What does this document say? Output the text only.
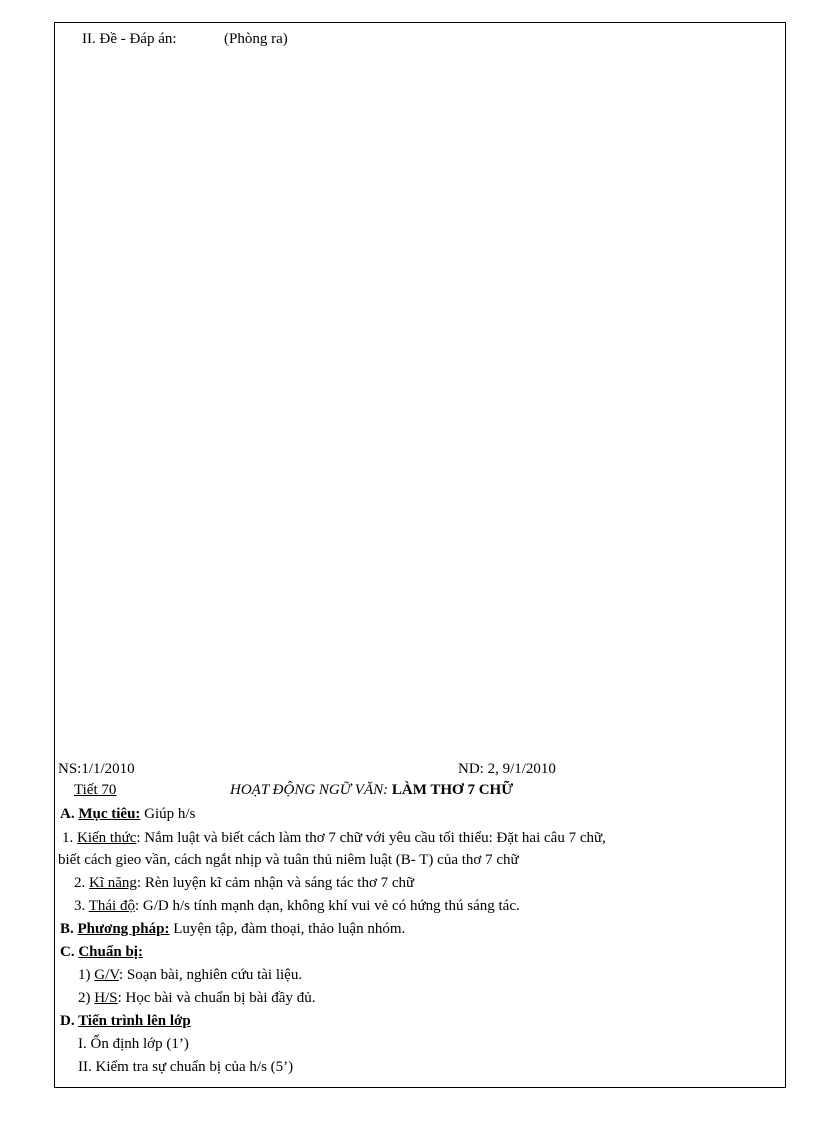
II. Đề - Đáp án:	(Phòng ra)
NS:1/1/2010	ND: 2, 9/1/2010
Tiết 70	HOẠT ĐỘNG NGỮ VĂN: LÀM THƠ 7 CHỮ
A. Mục tiêu: Giúp h/s
1. Kiến thức: Nắm luật và biết cách làm thơ 7 chữ với yêu cầu tối thiểu: Đặt hai câu 7 chữ,
biết cách gieo vần, cách ngắt nhịp và tuân thủ niêm luật (B- T) của thơ 7 chữ
2. Kĩ năng: Rèn luyện kĩ cảm nhận và sáng tác thơ 7 chữ
3. Thái độ: G/D h/s tính mạnh dạn, không khí vui vẻ có hứng thú sáng tác.
B. Phương pháp: Luyện tập, đàm thoại, thảo luận nhóm.
C. Chuẩn bị:
1) G/V: Soạn bài, nghiên cứu tài liệu.
2) H/S: Học bài và chuẩn bị bài đầy đủ.
D. Tiến trình lên lớp
I. Ổn định lớp (1’)
II. Kiểm tra sự chuẩn bị của h/s (5’)
